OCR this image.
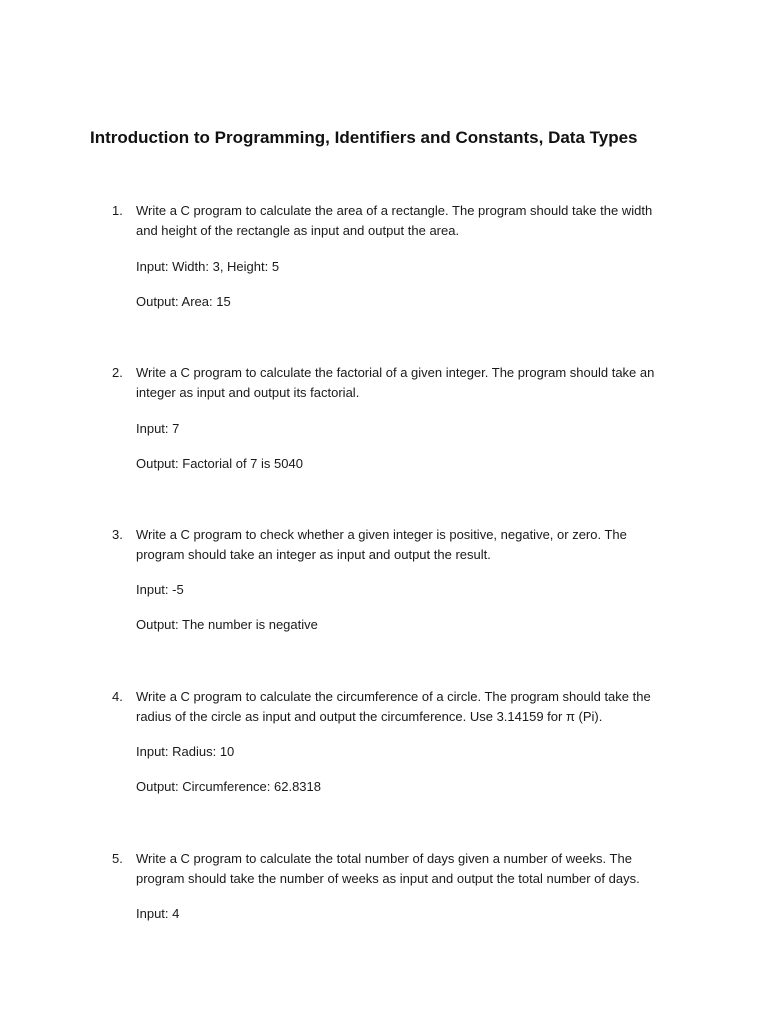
Introduction to Programming, Identifiers and Constants, Data Types

1.	Write a C program to calculate the area of a rectangle. The program should take the width and height of the rectangle as input and output the area.

Input: Width: 3, Height: 5

Output: Area: 15

2.	Write a C program to calculate the factorial of a given integer. The program should take an integer as input and output its factorial.

Input: 7

Output: Factorial of 7 is 5040

3.	Write a C program to check whether a given integer is positive, negative, or zero. The program should take an integer as input and output the result.

Input: -5

Output: The number is negative

4.	Write a C program to calculate the circumference of a circle. The program should take the radius of the circle as input and output the circumference. Use 3.14159 for π (Pi).

Input: Radius: 10

Output: Circumference: 62.8318

5.	Write a C program to calculate the total number of days given a number of weeks. The program should take the number of weeks as input and output the total number of days.

Input: 4
